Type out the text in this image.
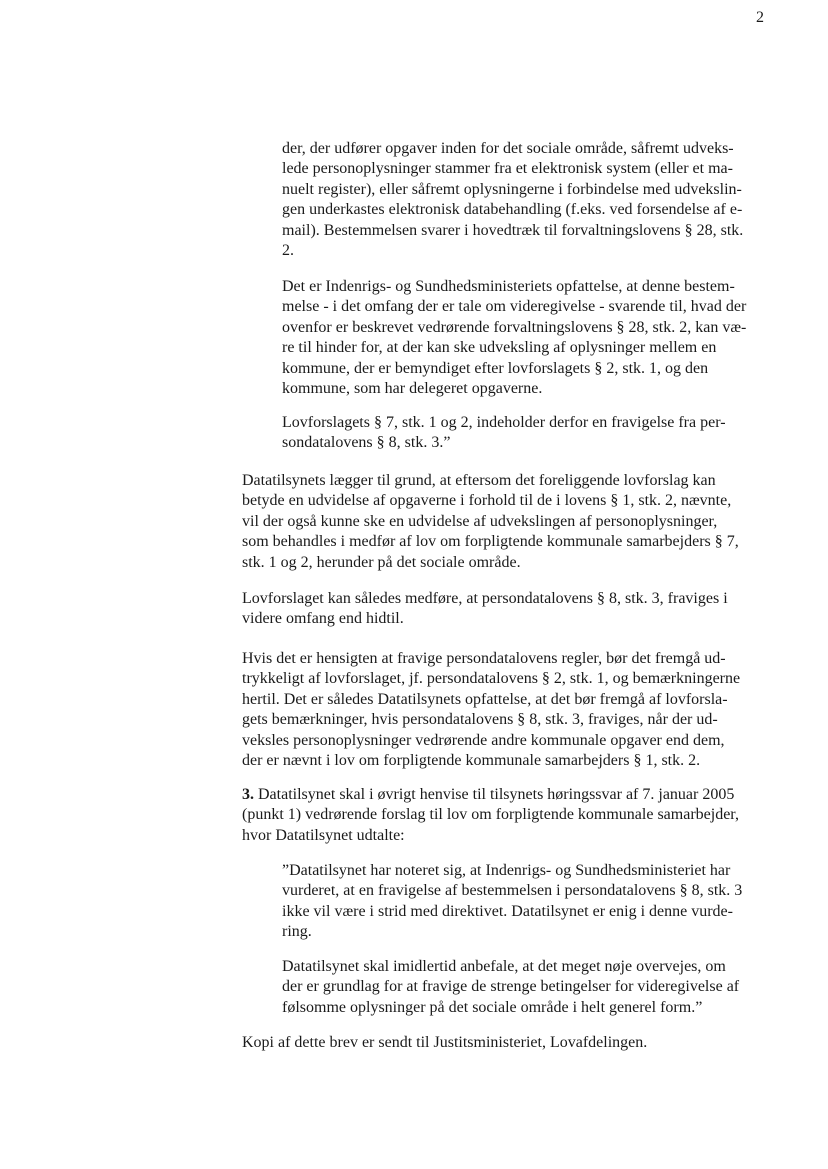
2

der, der udfører opgaver inden for det sociale område, såfremt udveks-
lede personoplysninger stammer fra et elektronisk system (eller et ma-
nuelt register), eller såfremt oplysningerne i forbindelse med udvekslin-
gen underkastes elektronisk databehandling (f.eks. ved forsendelse af e-
mail). Bestemmelsen svarer i hovedtræk til forvaltningslovens § 28, stk.
2.

Det er Indenrigs- og Sundhedsministeriets opfattelse, at denne bestem-
melse - i det omfang der er tale om videregivelse - svarende til, hvad der
ovenfor er beskrevet vedrørende forvaltningslovens § 28, stk. 2, kan væ-
re til hinder for, at der kan ske udveksling af oplysninger mellem en
kommune, der er bemyndiget efter lovforslagets § 2, stk. 1, og den
kommune, som har delegeret opgaverne.

Lovforslagets § 7, stk. 1 og 2, indeholder derfor en fravigelse fra per-
sondatalovens § 8, stk. 3.”

Datatilsynets lægger til grund, at eftersom det foreliggende lovforslag kan
betyde en udvidelse af opgaverne i forhold til de i lovens § 1, stk. 2, nævnte,
vil der også kunne ske en udvidelse af udvekslingen af personoplysninger,
som behandles i medfør af lov om forpligtende kommunale samarbejders § 7,
stk. 1 og 2, herunder på det sociale område.

Lovforslaget kan således medføre, at persondatalovens § 8, stk. 3, fraviges i
videre omfang end hidtil.

Hvis det er hensigten at fravige persondatalovens regler, bør det fremgå ud-
trykkeligt af lovforslaget, jf. persondatalovens § 2, stk. 1, og bemærkningerne
hertil. Det er således Datatilsynets opfattelse, at det bør fremgå af lovforsla-
gets bemærkninger, hvis persondatalovens § 8, stk. 3, fraviges, når der ud-
veksles personoplysninger vedrørende andre kommunale opgaver end dem,
der er nævnt i lov om forpligtende kommunale samarbejders § 1, stk. 2.

3. Datatilsynet skal i øvrigt henvise til tilsynets høringssvar af 7. januar 2005
(punkt 1) vedrørende forslag til lov om forpligtende kommunale samarbejder,
hvor Datatilsynet udtalte:

”Datatilsynet har noteret sig, at Indenrigs- og Sundhedsministeriet har
vurderet, at en fravigelse af bestemmelsen i persondatalovens § 8, stk. 3
ikke vil være i strid med direktivet. Datatilsynet er enig i denne vurde-
ring.

Datatilsynet skal imidlertid anbefale, at det meget nøje overvejes, om
der er grundlag for at fravige de strenge betingelser for videregivelse af
følsomme oplysninger på det sociale område i helt generel form.”

Kopi af dette brev er sendt til Justitsministeriet, Lovafdelingen.
